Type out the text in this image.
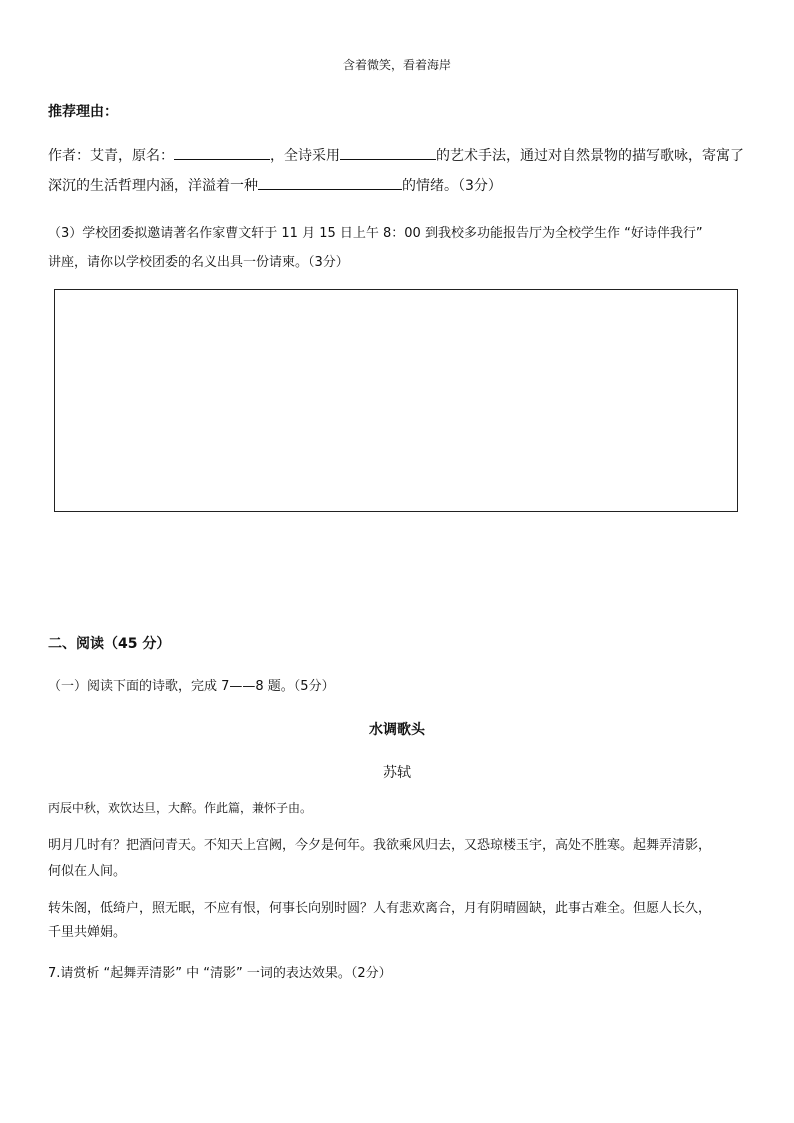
含着微笑，看着海岸
推荐理由：
作者：艾青，原名：	，全诗采用	的艺术手法，通过对自然景物的描写歌咏，寄寓了
深沉的生活哲理内涵，洋溢着一种	的情绪。（3分）
（3）学校团委拟邀请著名作家曹文轩于 11 月 15 日上午 8：00 到我校多功能报告厅为全校学生作 “好诗伴我行”
讲座，请你以学校团委的名义出具一份请柬。（3分）
二、阅读（45 分）
（一）阅读下面的诗歌，完成 7——8 题。（5分）
水调歌头
苏轼
丙辰中秋，欢饮达旦，大醉。作此篇，兼怀子由。
明月几时有？把酒问青天。不知天上宫阙，今夕是何年。我欲乘风归去，又恐琼楼玉宇，高处不胜寒。起舞弄清影，
何似在人间。
转朱阁，低绮户，照无眠，不应有恨，何事长向别时圆？人有悲欢离合，月有阴晴圆缺，此事古难全。但愿人长久，
千里共婵娟。
7.请赏析 “起舞弄清影” 中 “清影” 一词的表达效果。（2分）
